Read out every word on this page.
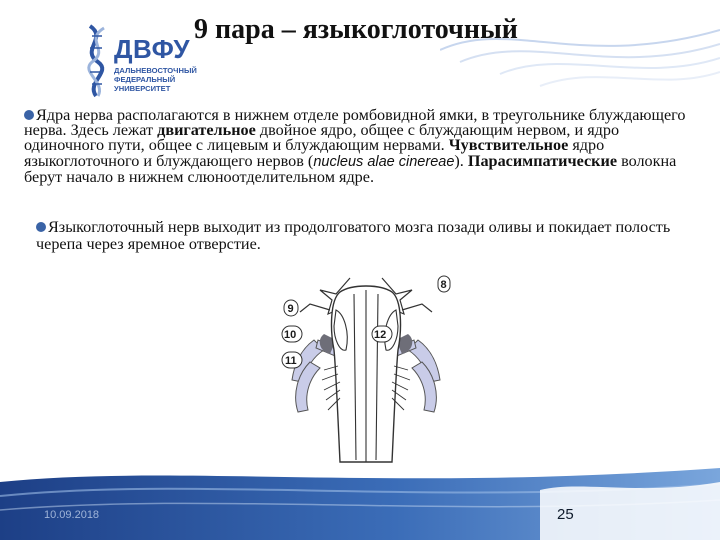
ДВФУ
ДАЛЬНЕВОСТОЧНЫЙ ФЕДЕРАЛЬНЫЙ УНИВЕРСИТЕТ
9 пара – языкоглоточный
Ядра нерва располагаются в нижнем отделе ромбовидной ямки, в треугольнике блуждающего нерва. Здесь лежат двигательное двойное ядро, общее с блуждающим нервом, и ядро одиночного пути, общее с лицевым и блуждающим нервами. Чувствительное ядро языкоглоточного и блуждающего нервов (nucleus alae cinereae). Парасимпатические волокна берут начало в нижнем слюноотделительном ядре.
Языкоглоточный нерв выходит из продолговатого мозга позади оливы и покидает полость черепа через яремное отверстие.
8
9
10
11
12
10.09.2018	25
